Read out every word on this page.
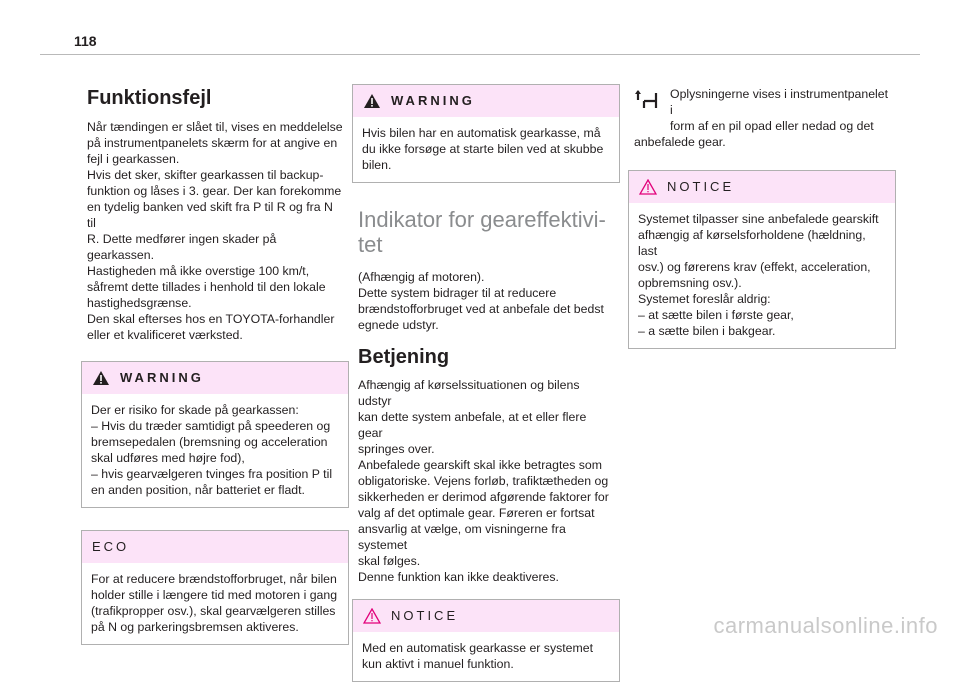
118
Funktionsfejl

Når tændingen er slået til, vises en meddelelse
på instrumentpanelets skærm for at angive en
fejl i gearkassen.
Hvis det sker, skifter gearkassen til backup-
funktion og låses i 3. gear. Der kan forekomme
en tydelig banken ved skift fra P til R og fra N til
R. Dette medfører ingen skader på gearkassen.
Hastigheden må ikke overstige 100 km/t,
såfremt dette tillades i henhold til den lokale
hastighedsgrænse.
Den skal efterses hos en TOYOTA-forhandler
eller et kvalificeret værksted.

WARNING
Der er risiko for skade på gearkassen:
– Hvis du træder samtidigt på speederen og
bremsepedalen (bremsning og acceleration
skal udføres med højre fod),
– hvis gearvælgeren tvinges fra position P til
en anden position, når batteriet er fladt.
ECO
For at reducere brændstofforbruget, når bilen
holder stille i længere tid med motoren i gang
(trafikpropper osv.), skal gearvælgeren stilles
på N og parkeringsbremsen aktiveres.
WARNING
Hvis bilen har en automatisk gearkasse, må
du ikke forsøge at starte bilen ved at skubbe
bilen.
Indikator for geareffektivi-
tet

(Afhængig af motoren).
Dette system bidrager til at reducere
brændstofforbruget ved at anbefale det bedst
egnede udstyr.

Betjening

Afhængig af kørselssituationen og bilens udstyr
kan dette system anbefale, at et eller flere gear
springes over.
Anbefalede gearskift skal ikke betragtes som
obligatoriske. Vejens forløb, trafiktætheden og
sikkerheden er derimod afgørende faktorer for
valg af det optimale gear. Føreren er fortsat
ansvarlig at vælge, om visningerne fra systemet
skal følges.
Denne funktion kan ikke deaktiveres.

NOTICE
Med en automatisk gearkasse er systemet
kun aktivt i manuel funktion.

Oplysningerne vises i instrumentpanelet i
form af en pil opad eller nedad og det

anbefalede gear.

NOTICE
Systemet tilpasser sine anbefalede gearskift
afhængig af kørselsforholdene (hældning, last
osv.) og førerens krav (effekt, acceleration,
opbremsning osv.).
Systemet foreslår aldrig:
– at sætte bilen i første gear,
– a sætte bilen i bakgear.
carmanualsonline.info
